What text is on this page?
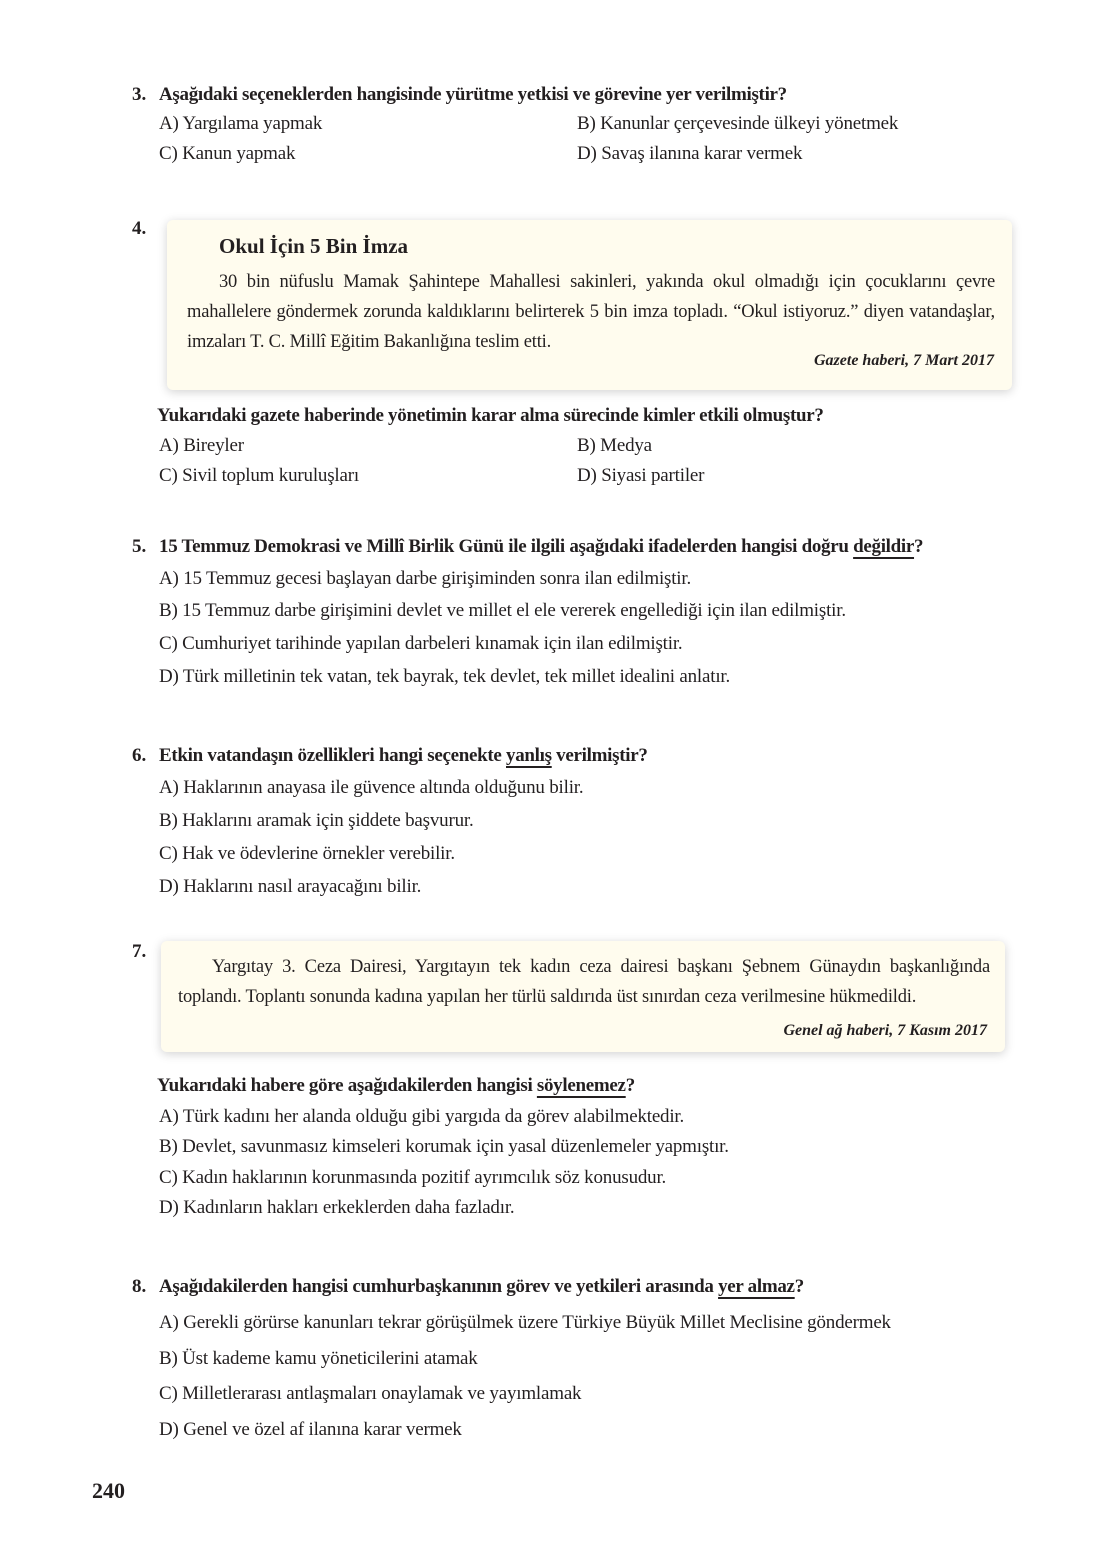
3. Aşağıdaki seçeneklerden hangisinde yürütme yetkisi ve görevine yer verilmiştir?
A) Yargılama yapmak	B) Kanunlar çerçevesinde ülkeyi yönetmek
C) Kanun yapmak	D) Savaş ilanına karar vermek
4.
Okul İçin 5 Bin İmza
30 bin nüfuslu Mamak Şahintepe Mahallesi sakinleri, yakında okul olmadığı için çocuklarını çevre mahallelere göndermek zorunda kaldıklarını belirterek 5 bin imza topladı. “Okul istiyoruz.” diyen vatandaşlar, imzaları T. C. Millî Eğitim Bakanlığına teslim etti.
Gazete haberi, 7 Mart 2017
Yukarıdaki gazete haberinde yönetimin karar alma sürecinde kimler etkili olmuştur?
A) Bireyler	B) Medya
C) Sivil toplum kuruluşları	D) Siyasi partiler
5. 15 Temmuz Demokrasi ve Millî Birlik Günü ile ilgili aşağıdaki ifadelerden hangisi doğru değildir?
A) 15 Temmuz gecesi başlayan darbe girişiminden sonra ilan edilmiştir.
B) 15 Temmuz darbe girişimini devlet ve millet el ele vererek engellediği için ilan edilmiştir.
C) Cumhuriyet tarihinde yapılan darbeleri kınamak için ilan edilmiştir.
D) Türk milletinin tek vatan, tek bayrak, tek devlet, tek millet idealini anlatır.
6. Etkin vatandaşın özellikleri hangi seçenekte yanlış verilmiştir?
A) Haklarının anayasa ile güvence altında olduğunu bilir.
B) Haklarını aramak için şiddete başvurur.
C) Hak ve ödevlerine örnekler verebilir.
D) Haklarını nasıl arayacağını bilir.
7.
Yargıtay 3. Ceza Dairesi, Yargıtayın tek kadın ceza dairesi başkanı Şebnem Günaydın başkanlığında toplandı. Toplantı sonunda kadına yapılan her türlü saldırıda üst sınırdan ceza verilmesine hükmedildi.
Genel ağ haberi, 7 Kasım 2017
Yukarıdaki habere göre aşağıdakilerden hangisi söylenemez?
A) Türk kadını her alanda olduğu gibi yargıda da görev alabilmektedir.
B) Devlet, savunmasız kimseleri korumak için yasal düzenlemeler yapmıştır.
C) Kadın haklarının korunmasında pozitif ayrımcılık söz konusudur.
D) Kadınların hakları erkeklerden daha fazladır.
8. Aşağıdakilerden hangisi cumhurbaşkanının görev ve yetkileri arasında yer almaz?
A) Gerekli görürse kanunları tekrar görüşülmek üzere Türkiye Büyük Millet Meclisine göndermek
B) Üst kademe kamu yöneticilerini atamak
C) Milletlerarası antlaşmaları onaylamak ve yayımlamak
D) Genel ve özel af ilanına karar vermek
240
